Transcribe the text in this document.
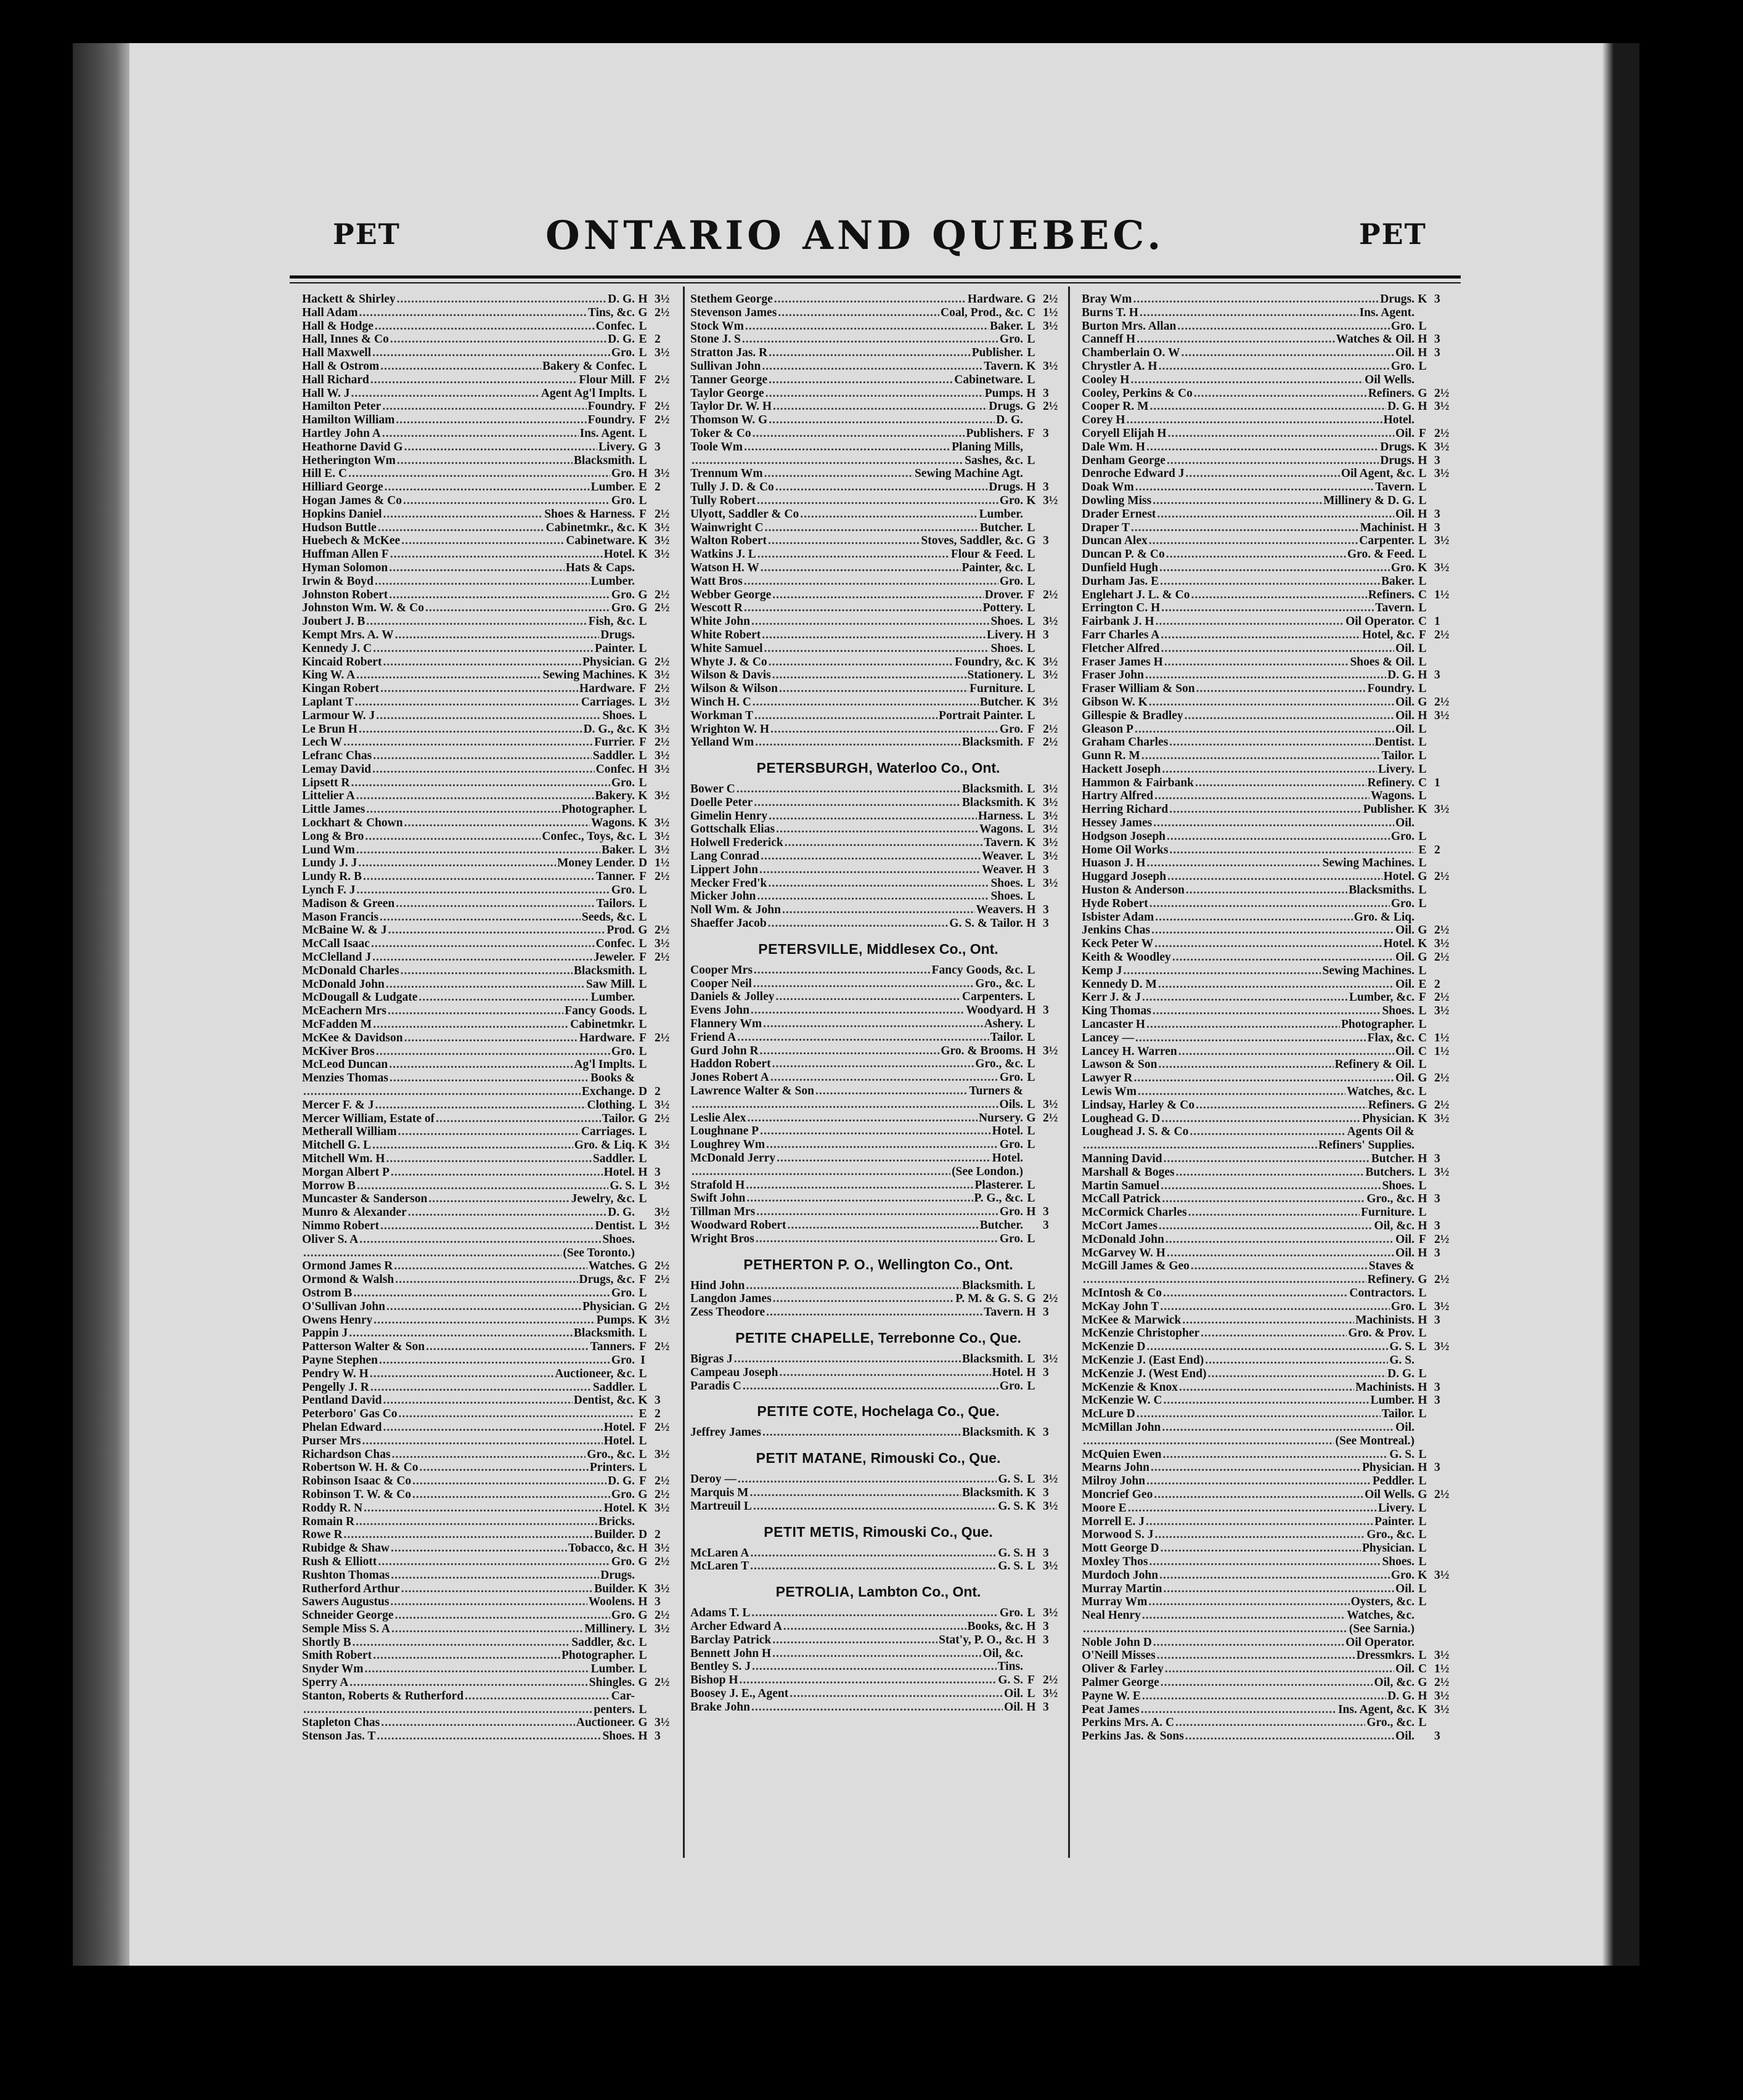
PET	ONTARIO AND QUEBEC.	PET
Hackett & Shirley .....	D. G. H 3½
Hall Adam .....	Tins, &c. G 2½
Hall & Hodge .....	Confec. L
Hall, Innes & Co .....	D. G. E 2
Hall Maxwell .....	Gro. L 3½
Hall & Ostrom .....	Bakery & Confec. L
Hall Richard .....	Flour Mill. F 2½
Hall W. J .....	Agent Ag'l Implts. L
Hamilton Peter .....	Foundry. F 2½
Hamilton William .....	Foundry. F 2½
Hartley John A .....	Ins. Agent. L
Heathorne David G .....	Livery. G 3
Hetherington Wm .....	Blacksmith. L
Hill E. C .....	Gro. H 3½
Hilliard George .....	Lumber. E 2
Hogan James & Co .....	Gro. L
Hopkins Daniel .....	Shoes & Harness. F 2½
Hudson Buttle .....	Cabinetmkr., &c. K 3½
Huebech & McKee .....	Cabinetware. K 3½
Huffman Allen F .....	Hotel. K 3½
Hyman Solomon .....	Hats & Caps.
Irwin & Boyd .....	Lumber.
Johnston Robert .....	Gro. G 2½
Johnston Wm. W. & Co .....	Gro. G 2½
Joubert J. B .....	Fish, &c. L
Kempt Mrs. A. W .....	Drugs.
Kennedy J. C .....	Painter. L
Kincaid Robert .....	Physician. G 2½
King W. A .....	Sewing Machines. K 3½
Kingan Robert .....	Hardware. F 2½
Laplant T .....	Carriages. L 3½
Larmour W. J .....	Shoes. L
Le Brun H .....	D. G., &c. K 3½
Lech W .....	Furrier. F 2½
Lefranc Chas .....	Saddler. L 3½
Lemay David .....	Confec. H 3½
Lipsett R .....	Gro. L
Littelier A .....	Bakery. K 3½
Little James .....	Photographer. L
Lockhart & Chown .....	Wagons. K 3½
Long & Bro .....	Confec., Toys, &c. L 3½
Lund Wm .....	Baker. L 3½
Lundy J. J .....	Money Lender. D 1½
Lundy R. B .....	Tanner. F 2½
Lynch F. J .....	Gro. L
Madison & Green .....	Tailors. L
Mason Francis .....	Seeds, &c. L
McBaine W. & J .....	Prod. G 2½
McCall Isaac .....	Confec. L 3½
McClelland J .....	Jeweler. F 2½
McDonald Charles .....	Blacksmith. L
McDonald John .....	Saw Mill. L
McDougall & Ludgate .....	Lumber.
McEachern Mrs .....	Fancy Goods. L
McFadden M .....	Cabinetmkr. L
McKee & Davidson .....	Hardware. F 2½
McKiver Bros .....	Gro. L
McLeod Duncan .....	Ag'l Implts. L
Menzies Thomas .....	Books &
.....
Exchange. D 2
Mercer F. & J .....	Clothing. L 3½
Mercer William, Estate of .....	Tailor. G 2½
Metherall William .....	Carriages. L
Mitchell G. L .....	Gro. & Liq. K 3½
Mitchell Wm. H .....	Saddler. L
Morgan Albert P .....	Hotel. H 3
Morrow B .....	G. S. L 3½
Muncaster & Sanderson .....	Jewelry, &c. L
Munro & Alexander .....	D. G.	3½
Nimmo Robert .....	Dentist. L 3½
Oliver S. A .....	Shoes.
.....
(See Toronto.)
Ormond James R .....	Watches. G 2½
Ormond & Walsh .....	Drugs, &c. F 2½
Ostrom B .....	Gro. L
O'Sullivan John .....	Physician. G 2½
Owens Henry .....	Pumps. K 3½
Pappin J .....	Blacksmith. L
Patterson Walter & Son .....	Tanners. F 2½
Payne Stephen .....	Gro. I
Pendry W. H .....	Auctioneer, &c. L
Pengelly J. R .....	Saddler. L
Pentland David .....	Dentist, &c. K 3
Peterboro' Gas Co .....	E 2
Phelan Edward .....	Hotel. F 2½
Purser Mrs .....	Hotel. L
Richardson Chas .....	Gro., &c. L 3½
Robertson W. H. & Co .....	Printers. L
Robinson Isaac & Co .....	D. G. F 2½
Robinson T. W. & Co .....	Gro. G 2½
Roddy R. N .....	Hotel. K 3½
Romain R .....	Bricks.
Rowe R .....	Builder. D 2
Rubidge & Shaw .....	Tobacco, &c. H 3½
Rush & Elliott .....	Gro. G 2½
Rushton Thomas .....	Drugs.
Rutherford Arthur .....	Builder. K 3½
Sawers Augustus .....	Woolens. H 3
Schneider George .....	Gro. G 2½
Semple Miss S. A .....	Millinery. L 3½
Shortly B .....	Saddler, &c. L
Smith Robert .....	Photographer. L
Snyder Wm .....	Lumber. L
Sperry A .....	Shingles. G 2½
Stanton, Roberts & Rutherford .....	Car-
.....
penters. L
Stapleton Chas .....	Auctioneer. G 3½
Stenson Jas. T .....	Shoes. H 3
Stethem George .....	Hardware. G 2½
Stevenson James .....	Coal, Prod., &c. C 1½
Stock Wm .....	Baker. L 3½
Stone J. S .....	Gro. L
Stratton Jas. R .....	Publisher. L
Sullivan John .....	Tavern. K 3½
Tanner George .....	Cabinetware. L
Taylor George .....	Pumps. H 3
Taylor Dr. W. H .....	Drugs. G 2½
Thomson W. G .....	D. G.
Toker & Co .....	Publishers. F 3
Toole Wm .....	Planing Mills,
.....
Sashes, &c. L
Trennum Wm .....	Sewing Machine Agt.
Tully J. D. & Co .....	Drugs. H 3
Tully Robert .....	Gro. K 3½
Ulyott, Saddler & Co .....	Lumber.
Wainwright C .....	Butcher. L
Walton Robert .....	Stoves, Saddler, &c. G 3
Watkins J. L .....	Flour & Feed. L
Watson H. W .....	Painter, &c. L
Watt Bros .....	Gro. L
Webber George .....	Drover. F 2½
Wescott R .....	Pottery. L
White John .....	Shoes. L 3½
White Robert .....	Livery. H 3
White Samuel .....	Shoes. L
Whyte J. & Co .....	Foundry, &c. K 3½
Wilson & Davis .....	Stationery. L 3½
Wilson & Wilson .....	Furniture. L
Winch H. C .....	Butcher. K 3½
Workman T .....	Portrait Painter. L
Wrighton W. H .....	Gro. F 2½
Yelland Wm .....	Blacksmith. F 2½
PETERSBURGH, Waterloo Co., Ont.
Bower C .....	Blacksmith. L 3½
Doelle Peter .....	Blacksmith. K 3½
Gimelin Henry .....	Harness. L 3½
Gottschalk Elias .....	Wagons. L 3½
Holwell Frederick .....	Tavern. K 3½
Lang Conrad .....	Weaver. L 3½
Lippert John .....	Weaver. H 3
Mecker Fred'k .....	Shoes. L 3½
Micker John .....	Shoes. L
Noll Wm. & John .....	Weavers. H 3
Shaeffer Jacob .....	G. S. & Tailor. H 3
PETERSVILLE, Middlesex Co., Ont.
Cooper Mrs .....	Fancy Goods, &c. L
Cooper Neil .....	Gro., &c. L
Daniels & Jolley .....	Carpenters. L
Evens John .....	Woodyard. H 3
Flannery Wm .....	Ashery. L
Friend A .....	Tailor. L
Gurd John R .....	Gro. & Brooms. H 3½
Haddon Robert .....	Gro., &c. L
Jones Robert A .....	Gro. L
Lawrence Walter & Son .....	Turners &
.....
Oils. L 3½
Leslie Alex .....	Nursery. G 2½
Loughnane P .....	Hotel. L
Loughrey Wm .....	Gro. L
McDonald Jerry .....	Hotel.
.....
(See London.)
Strafold H .....	Plasterer. L
Swift John .....	P. G., &c. L
Tillman Mrs .....	Gro. H 3
Woodward Robert .....	Butcher.	3
Wright Bros .....	Gro. L
PETHERTON P. O., Wellington Co., Ont.
Hind John .....	Blacksmith. L
Langdon James .....	P. M. & G. S. G 2½
Zess Theodore .....	Tavern. H 3
PETITE CHAPELLE, Terrebonne Co., Que.
Bigras J .....	Blacksmith. L 3½
Campeau Joseph .....	Hotel. H 3
Paradis C .....	Gro. L
PETITE COTE, Hochelaga Co., Que.
Jeffrey James .....	Blacksmith. K 3
PETIT MATANE, Rimouski Co., Que.
Deroy — .....	G. S. L 3½
Marquis M .....	Blacksmith. K 3
Martreuil L .....	G. S. K 3½
PETIT METIS, Rimouski Co., Que.
McLaren A .....	G. S. H 3
McLaren T .....	G. S. L 3½
PETROLIA, Lambton Co., Ont.
Adams T. L .....	Gro. L 3½
Archer Edward A .....	Books, &c. H 3
Barclay Patrick .....	Stat'y, P. O., &c. H 3
Bennett John H .....	Oil, &c.
Bentley S. J .....	Tins.
Bishop H .....	G. S. F 2½
Boosey J. E., Agent .....	Oil. L 3½
Brake John .....	Oil. H 3
Bray Wm .....	Drugs. K 3
Burns T. H .....	Ins. Agent.
Burton Mrs. Allan .....	Gro. L
Canneff H .....	Watches & Oil. H 3
Chamberlain O. W .....	Oil. H 3
Chrystler A. H .....	Gro. L
Cooley H .....	Oil Wells.
Cooley, Perkins & Co .....	Refiners. G 2½
Cooper R. M .....	D. G. H 3½
Corey H .....	Hotel.
Coryell Elijah H .....	Oil. F 2½
Dale Wm. H .....	Drugs. K 3½
Denham George .....	Drugs. H 3
Denroche Edward J .....	Oil Agent, &c. L 3½
Doak Wm .....	Tavern. L
Dowling Miss .....	Millinery & D. G. L
Drader Ernest .....	Oil. H 3
Draper T .....	Machinist. H 3
Duncan Alex .....	Carpenter. L 3½
Duncan P. & Co .....	Gro. & Feed. L
Dunfield Hugh .....	Gro. K 3½
Durham Jas. E .....	Baker. L
Englehart J. L. & Co .....	Refiners. C 1½
Errington C. H .....	Tavern. L
Fairbank J. H .....	Oil Operator. C 1
Farr Charles A .....	Hotel, &c. F 2½
Fletcher Alfred .....	Oil. L
Fraser James H .....	Shoes & Oil. L
Fraser John .....	D. G. H 3
Fraser William & Son .....	Foundry. L
Gibson W. K .....	Oil. G 2½
Gillespie & Bradley .....	Oil. H 3½
Gleason P .....	Oil. L
Graham Charles .....	Dentist. L
Gunn R. M .....	Tailor. L
Hackett Joseph .....	Livery. L
Hammon & Fairbank .....	Refinery. C 1
Hartry Alfred .....	Wagons. L
Herring Richard .....	Publisher. K 3½
Hessey James .....	Oil.
Hodgson Joseph .....	Gro. L
Home Oil Works .....	E 2
Huason J. H .....	Sewing Machines. L
Huggard Joseph .....	Hotel. G 2½
Huston & Anderson .....	Blacksmiths. L
Hyde Robert .....	Gro. L
Isbister Adam .....	Gro. & Liq.
Jenkins Chas .....	Oil. G 2½
Keck Peter W .....	Hotel. K 3½
Keith & Woodley .....	Oil. G 2½
Kemp J .....	Sewing Machines. L
Kennedy D. M .....	Oil. E 2
Kerr J. & J .....	Lumber, &c. F 2½
King Thomas .....	Shoes. L 3½
Lancaster H .....	Photographer. L
Lancey — .....	Flax, &c. C 1½
Lancey H. Warren .....	Oil. C 1½
Lawson & Son .....	Refinery & Oil. L
Lawyer R .....	Oil. G 2½
Lewis Wm .....	Watches, &c. L
Lindsay, Harley & Co .....	Refiners. G 2½
Loughead G. D .....	Physician. K 3½
Loughead J. S. & Co .....	Agents Oil &
.....
Refiners' Supplies.
Manning David .....	Butcher. H 3
Marshall & Boges .....	Butchers. L 3½
Martin Samuel .....	Shoes. L
McCall Patrick .....	Gro., &c. H 3
McCormick Charles .....	Furniture. L
McCort James .....	Oil, &c. H 3
McDonald John .....	Oil. F 2½
McGarvey W. H .....	Oil. H 3
McGill James & Geo .....	Staves &
.....
Refinery. G 2½
McIntosh & Co .....	Contractors. L
McKay John T .....	Gro. L 3½
McKee & Marwick .....	Machinists. H 3
McKenzie Christopher .....	Gro. & Prov. L
McKenzie D .....	G. S. L 3½
McKenzie J. (East End) .....	G. S.
McKenzie J. (West End) .....	D. G. L
McKenzie & Knox .....	Machinists. H 3
McKenzie W. C .....	Lumber. H 3
McLure D .....	Tailor. L
McMillan John .....	Oil.
.....
(See Montreal.)
McQuien Ewen .....	G. S. L
Mearns John .....	Physician. H 3
Milroy John .....	Peddler. L
Moncrief Geo .....	Oil Wells. G 2½
Moore E .....	Livery. L
Morrell E. J .....	Painter. L
Morwood S. J .....	Gro., &c. L
Mott George D .....	Physician. L
Moxley Thos .....	Shoes. L
Murdoch John .....	Gro. K 3½
Murray Martin .....	Oil. L
Murray Wm .....	Oysters, &c. L
Neal Henry .....	Watches, &c.
.....
(See Sarnia.)
Noble John D .....	Oil Operator.
O'Neill Misses .....	Dressmkrs. L 3½
Oliver & Farley .....	Oil. C 1½
Palmer George .....	Oil, &c. G 2½
Payne W. E .....	D. G. H 3½
Peat James .....	Ins. Agent, &c. K 3½
Perkins Mrs. A. C .....	Gro., &c. L
Perkins Jas. & Sons .....	Oil.	3
